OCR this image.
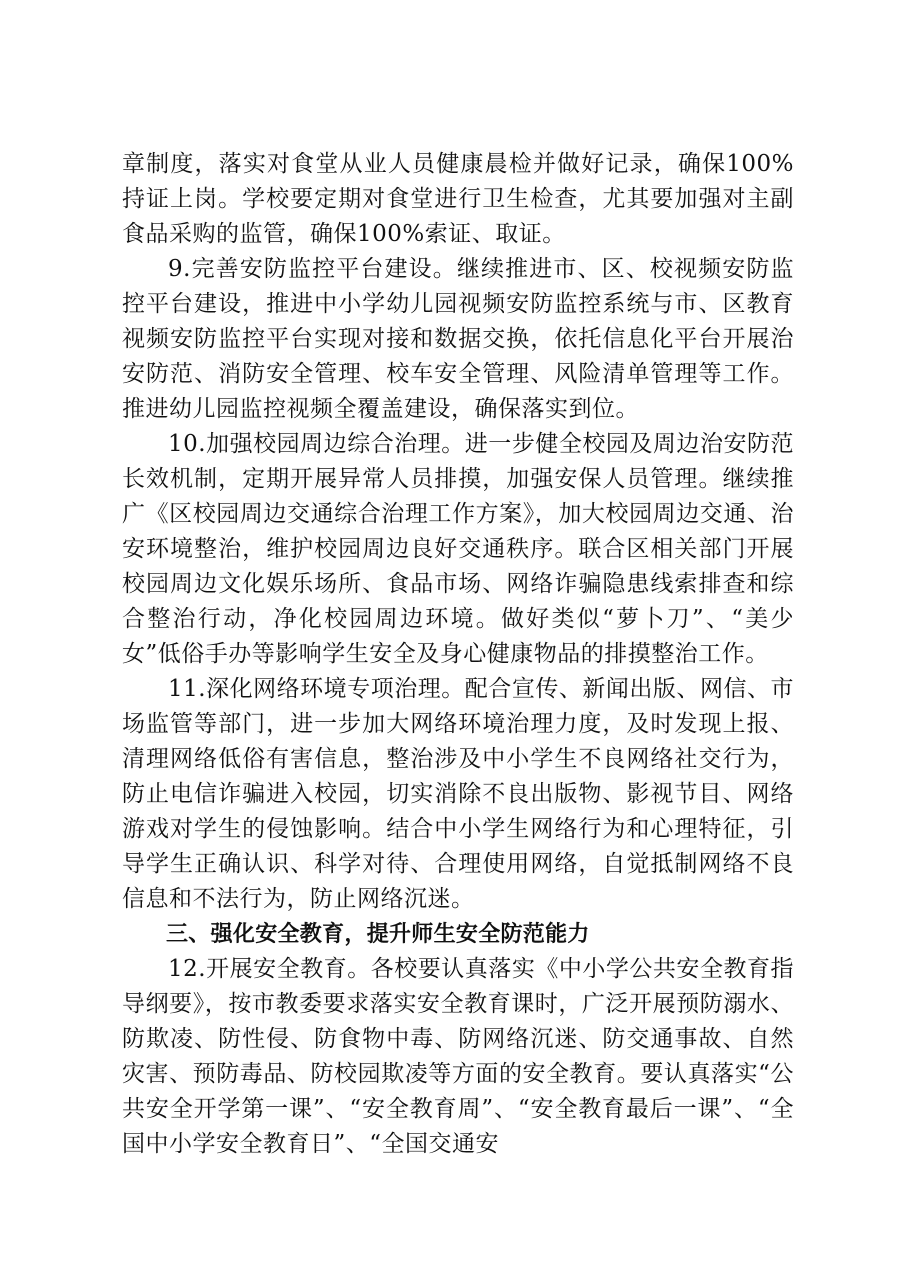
章制度，落实对食堂从业人员健康晨检并做好记录，确保100%持证上岗。学校要定期对食堂进行卫生检查，尤其要加强对主副食品采购的监管，确保100%索证、取证。

9.完善安防监控平台建设。继续推进市、区、校视频安防监控平台建设，推进中小学幼儿园视频安防监控系统与市、区教育视频安防监控平台实现对接和数据交换，依托信息化平台开展治安防范、消防安全管理、校车安全管理、风险清单管理等工作。推进幼儿园监控视频全覆盖建设，确保落实到位。

10.加强校园周边综合治理。进一步健全校园及周边治安防范长效机制，定期开展异常人员排摸，加强安保人员管理。继续推广《区校园周边交通综合治理工作方案》，加大校园周边交通、治安环境整治，维护校园周边良好交通秩序。联合区相关部门开展校园周边文化娱乐场所、食品市场、网络诈骗隐患线索排查和综合整治行动，净化校园周边环境。做好类似“萝卜刀”、“美少女”低俗手办等影响学生安全及身心健康物品的排摸整治工作。

11.深化网络环境专项治理。配合宣传、新闻出版、网信、市场监管等部门，进一步加大网络环境治理力度，及时发现上报、清理网络低俗有害信息，整治涉及中小学生不良网络社交行为，防止电信诈骗进入校园，切实消除不良出版物、影视节目、网络游戏对学生的侵蚀影响。结合中小学生网络行为和心理特征，引导学生正确认识、科学对待、合理使用网络，自觉抵制网络不良信息和不法行为，防止网络沉迷。

三、强化安全教育，提升师生安全防范能力

12.开展安全教育。各校要认真落实《中小学公共安全教育指导纲要》，按市教委要求落实安全教育课时，广泛开展预防溺水、防欺凌、防性侵、防食物中毒、防网络沉迷、防交通事故、自然灾害、预防毒品、防校园欺凌等方面的安全教育。要认真落实“公共安全开学第一课”、“安全教育周”、“安全教育最后一课”、“全国中小学安全教育日”、“全国交通安
